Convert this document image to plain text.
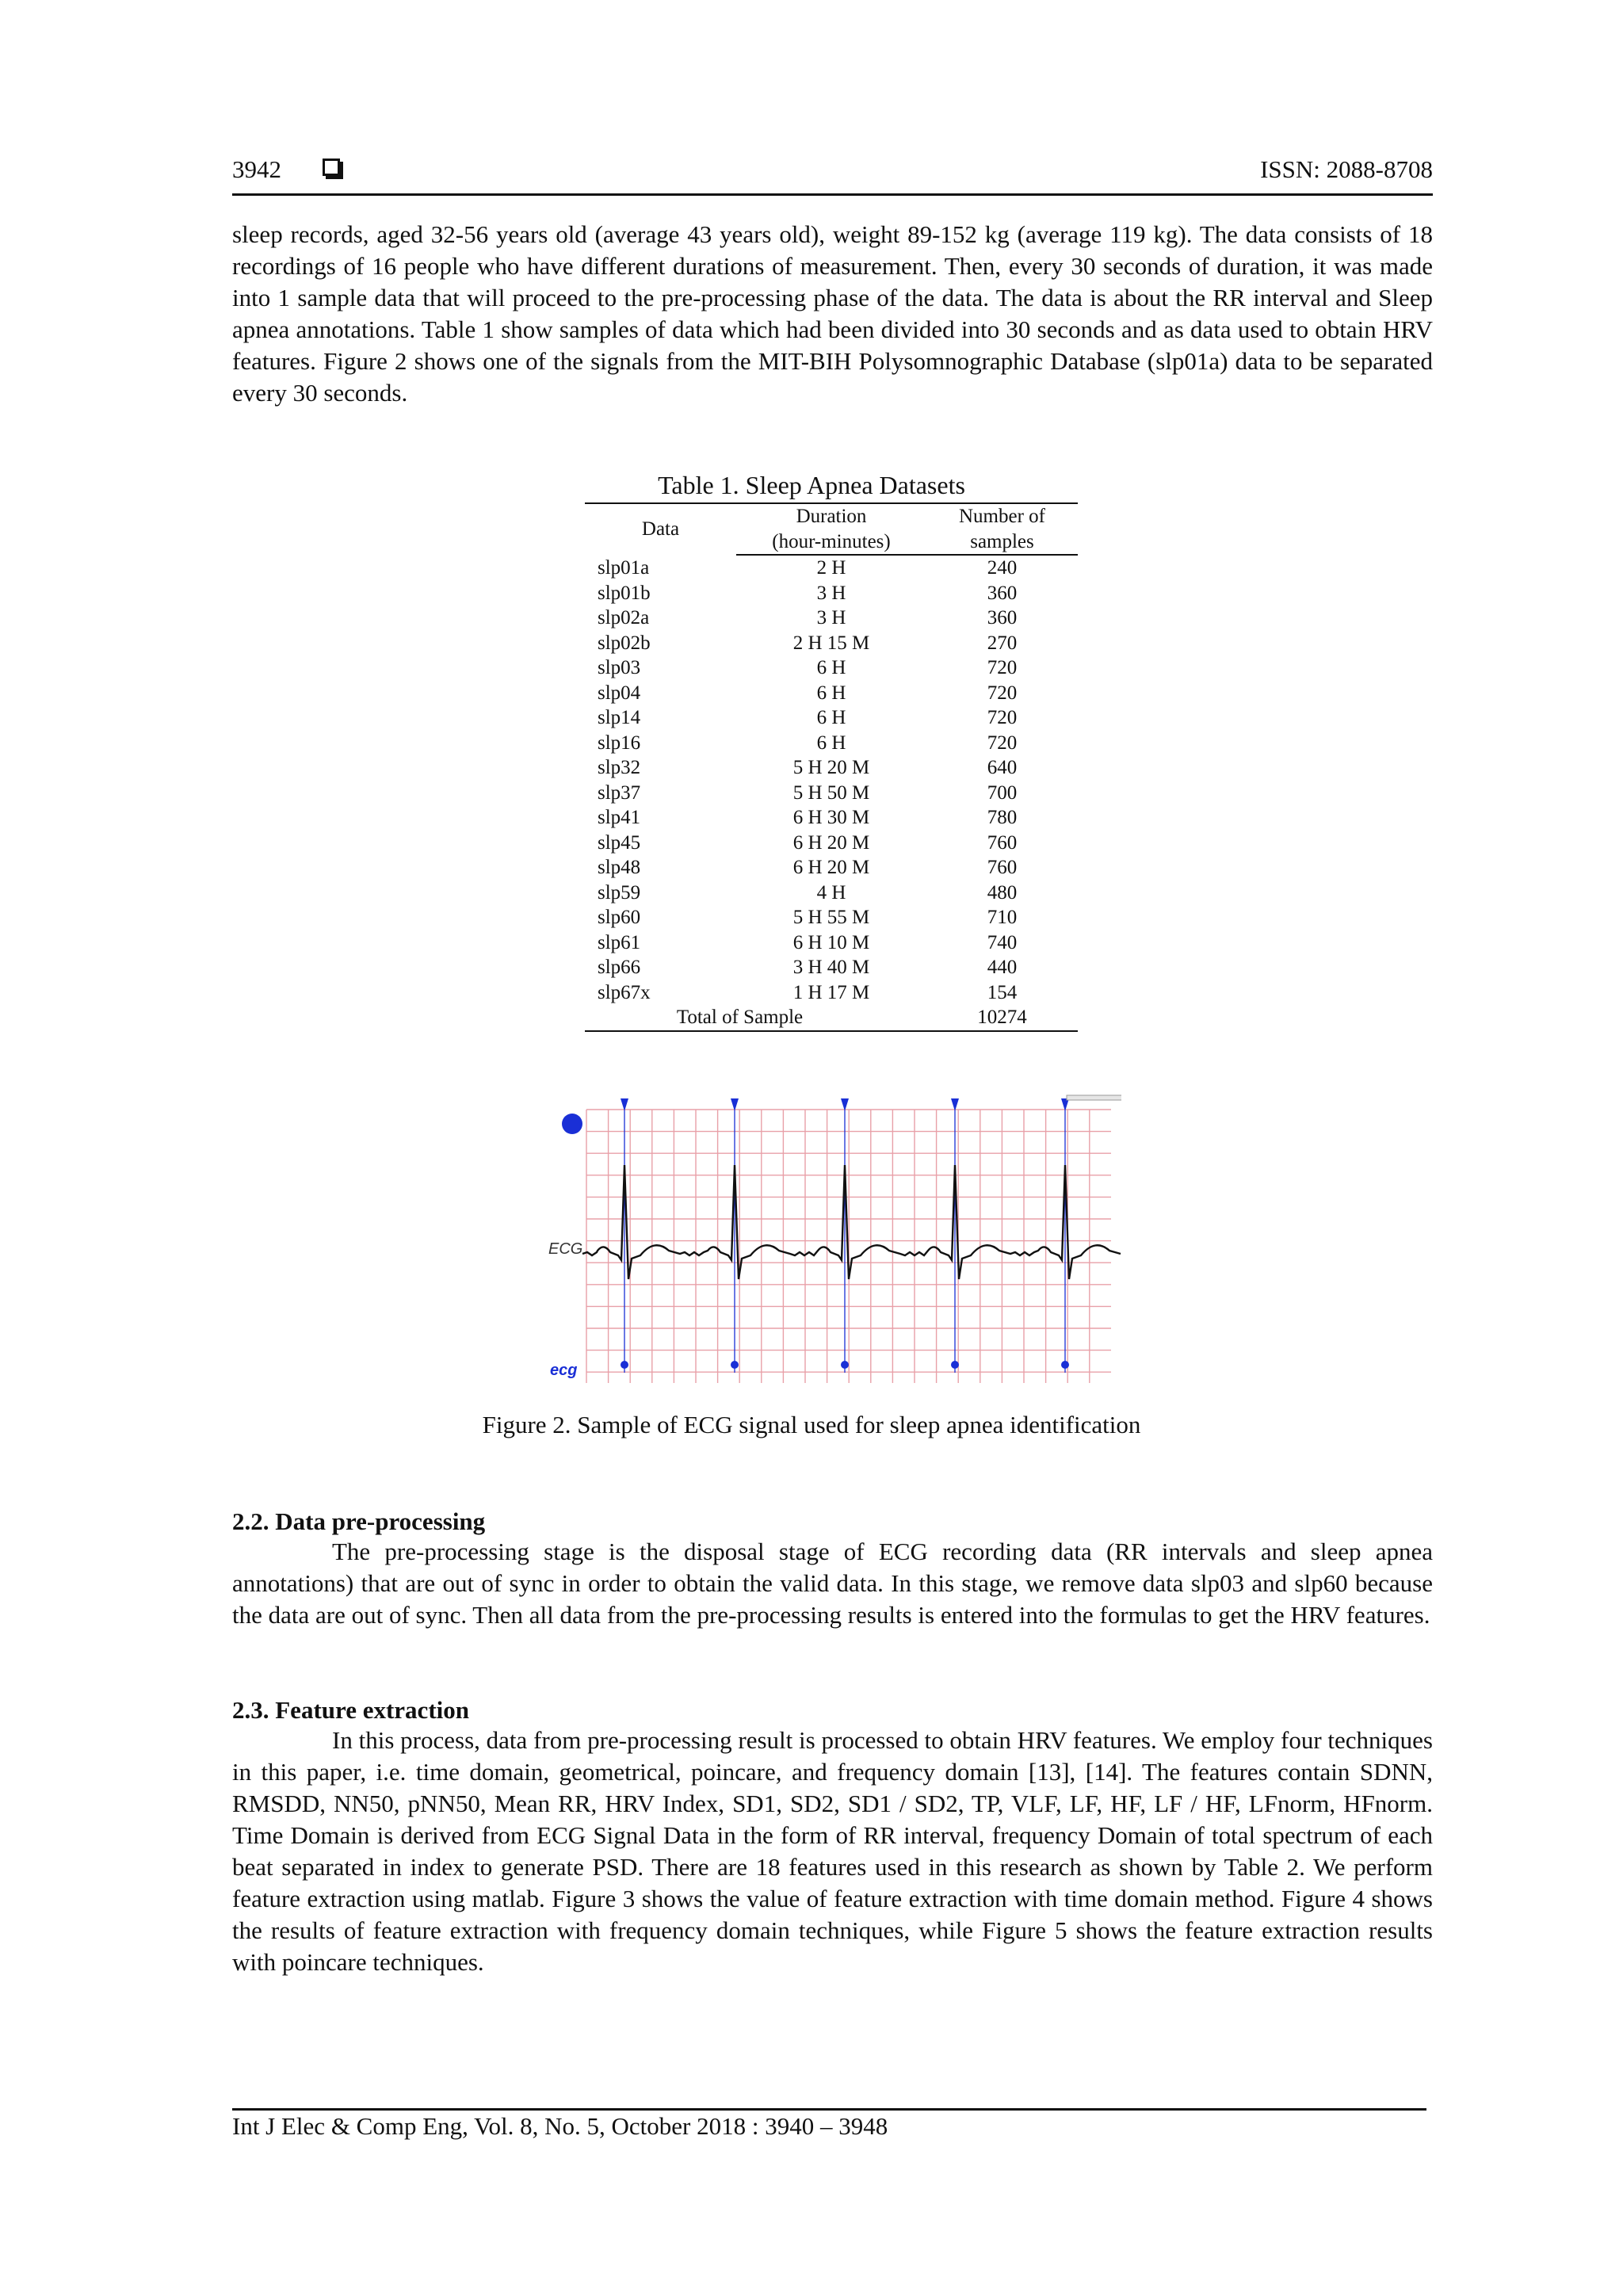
3942	ISSN: 2088-8708
sleep records, aged 32-56 years old (average 43 years old), weight 89-152 kg (average 119 kg). The data consists of 18 recordings of 16 people who have different durations of measurement. Then, every 30 seconds of duration, it was made into 1 sample data that will proceed to the pre-processing phase of the data. The data is about the RR interval and Sleep apnea annotations. Table 1 show samples of data which had been divided into 30 seconds and as data used to obtain HRV features. Figure 2 shows one of the signals from the MIT-BIH Polysomnographic Database (slp01a) data to be separated every 30 seconds.
Table 1. Sleep Apnea Datasets
Data	Duration	Number of
	(hour-minutes)	samples
slp01a	2 H	240
slp01b	3 H	360
slp02a	3 H	360
slp02b	2 H 15 M	270
slp03	6 H	720
slp04	6 H	720
slp14	6 H	720
slp16	6 H	720
slp32	5 H 20 M	640
slp37	5 H 50 M	700
slp41	6 H 30 M	780
slp45	6 H 20 M	760
slp48	6 H 20 M	760
slp59	4 H	480
slp60	5 H 55 M	710
slp61	6 H 10 M	740
slp66	3 H 40 M	440
slp67x	1 H 17 M	154
Total of Sample		10274
ECG
ecg
Figure 2. Sample of ECG signal used for sleep apnea identification
2.2. Data pre-processing
The pre-processing stage is the disposal stage of ECG recording data (RR intervals and sleep apnea annotations) that are out of sync in order to obtain the valid data. In this stage, we remove data slp03 and slp60 because the data are out of sync. Then all data from the pre-processing results is entered into the formulas to get the HRV features.
2.3. Feature extraction
In this process, data from pre-processing result is processed to obtain HRV features. We employ four techniques in this paper, i.e. time domain, geometrical, poincare, and frequency domain [13], [14]. The features contain SDNN, RMSDD, NN50, pNN50, Mean RR, HRV Index, SD1, SD2, SD1 / SD2, TP, VLF, LF, HF, LF / HF, LFnorm, HFnorm. Time Domain is derived from ECG Signal Data in the form of RR interval, frequency Domain of total spectrum of each beat separated in index to generate PSD. There are 18 features used in this research as shown by Table 2. We perform feature extraction using matlab. Figure 3 shows the value of feature extraction with time domain method. Figure 4 shows the results of feature extraction with frequency domain techniques, while Figure 5 shows the feature extraction results with poincare techniques.
Int J Elec & Comp Eng, Vol. 8, No. 5, October 2018 : 3940 – 3948
